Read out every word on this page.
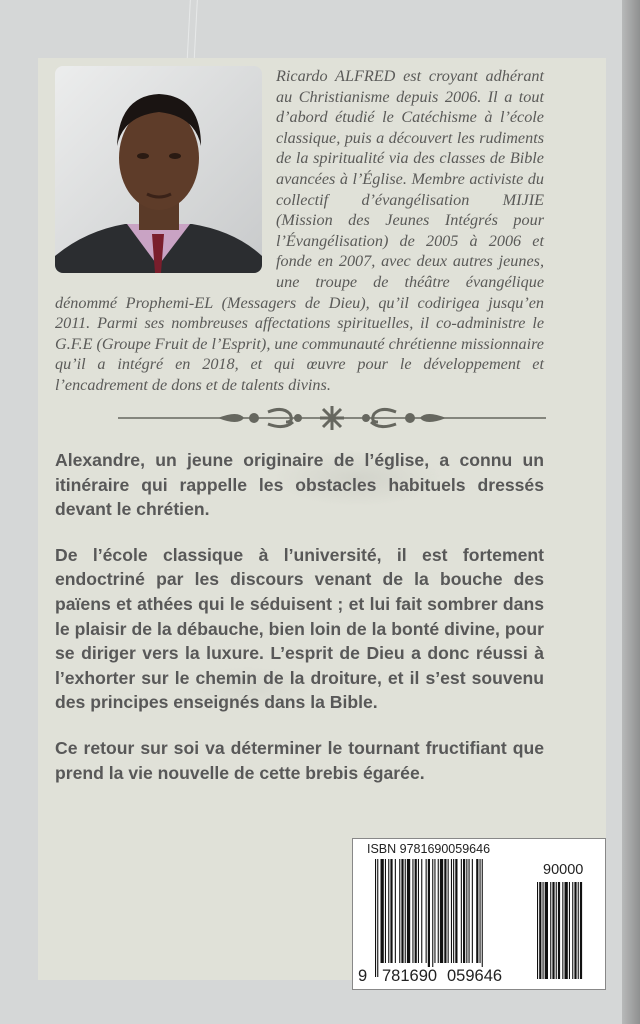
Ricardo ALFRED est croyant adhérant au Christianisme depuis 2006. Il a tout d’abord étudié le Catéchisme à l’école classique, puis a découvert les rudiments de la spiritualité via des classes de Bible avancées à l’Église. Membre activiste du collectif d’évangélisation MIJIE (Mission des Jeunes Intégrés pour l’Évangélisation) de 2005 à 2006 et fonde en 2007, avec deux autres jeunes, une troupe de théâtre évangélique dénommé Prophemi-EL (Messagers de Dieu), qu’il codirigea jusqu’en 2011. Parmi ses nombreuses affectations spirituelles, il co-administre le G.F.E (Groupe Fruit de l’Esprit), une communauté chrétienne missionnaire qu’il a intégré en 2018, et qui œuvre pour le développement et l’encadrement de dons et de talents divins.

Alexandre, un jeune originaire de l’église, a connu un itinéraire qui rappelle les obstacles habituels dressés devant le chrétien.

De l’école classique à l’université, il est fortement endoctriné par les discours venant de la bouche des païens et athées qui le séduisent ; et lui fait sombrer dans le plaisir de la débauche, bien loin de la bonté divine, pour se diriger vers la luxure. L’esprit de Dieu a donc réussi à l’exhorter sur le chemin de la droiture, et il s’est souvenu des principes enseignés dans la Bible.

Ce retour sur soi va déterminer le tournant fructifiant que prend la vie nouvelle de cette brebis égarée.

ISBN 9781690059646
90000
9 781690 059646
